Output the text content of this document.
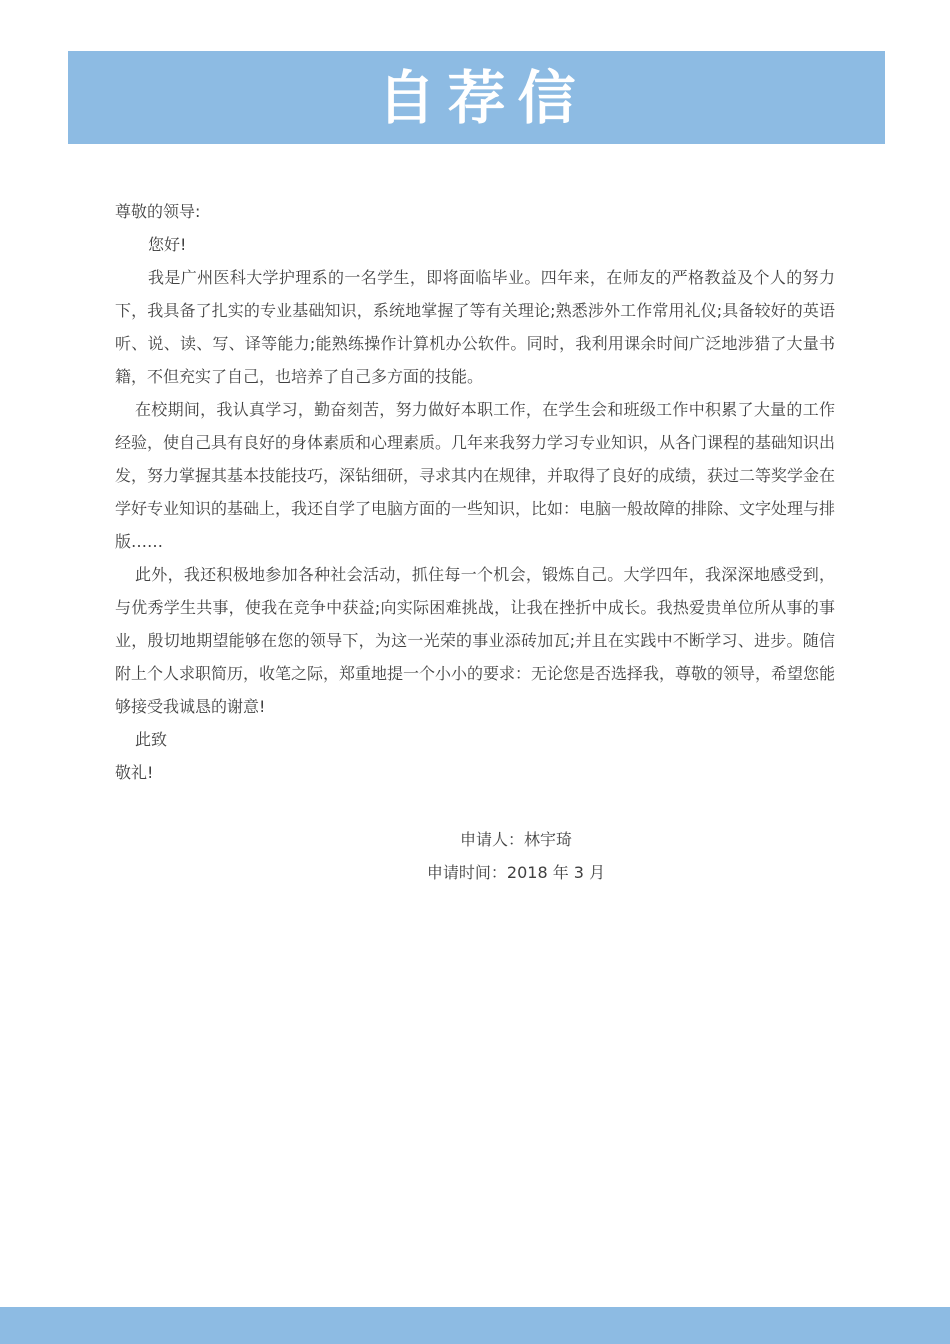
自荐信

尊敬的领导:

您好!

我是广州医科大学护理系的一名学生，即将面临毕业。四年来，在师友的严格教益及个人的努力下，我具备了扎实的专业基础知识，系统地掌握了等有关理论;熟悉涉外工作常用礼仪;具备较好的英语听、说、读、写、译等能力;能熟练操作计算机办公软件。同时，我利用课余时间广泛地涉猎了大量书籍，不但充实了自己，也培养了自己多方面的技能。

在校期间，我认真学习，勤奋刻苦，努力做好本职工作，在学生会和班级工作中积累了大量的工作经验，使自己具有良好的身体素质和心理素质。几年来我努力学习专业知识，从各门课程的基础知识出发，努力掌握其基本技能技巧，深钻细研，寻求其内在规律，并取得了良好的成绩，获过二等奖学金在学好专业知识的基础上，我还自学了电脑方面的一些知识，比如：电脑一般故障的排除、文字处理与排版……

此外，我还积极地参加各种社会活动，抓住每一个机会，锻炼自己。大学四年，我深深地感受到，与优秀学生共事，使我在竞争中获益;向实际困难挑战，让我在挫折中成长。我热爱贵单位所从事的事业，殷切地期望能够在您的领导下，为这一光荣的事业添砖加瓦;并且在实践中不断学习、进步。随信附上个人求职简历，收笔之际，郑重地提一个小小的要求：无论您是否选择我，尊敬的领导，希望您能够接受我诚恳的谢意!

此致

敬礼!

申请人：林宇琦
申请时间：2018 年 3 月
